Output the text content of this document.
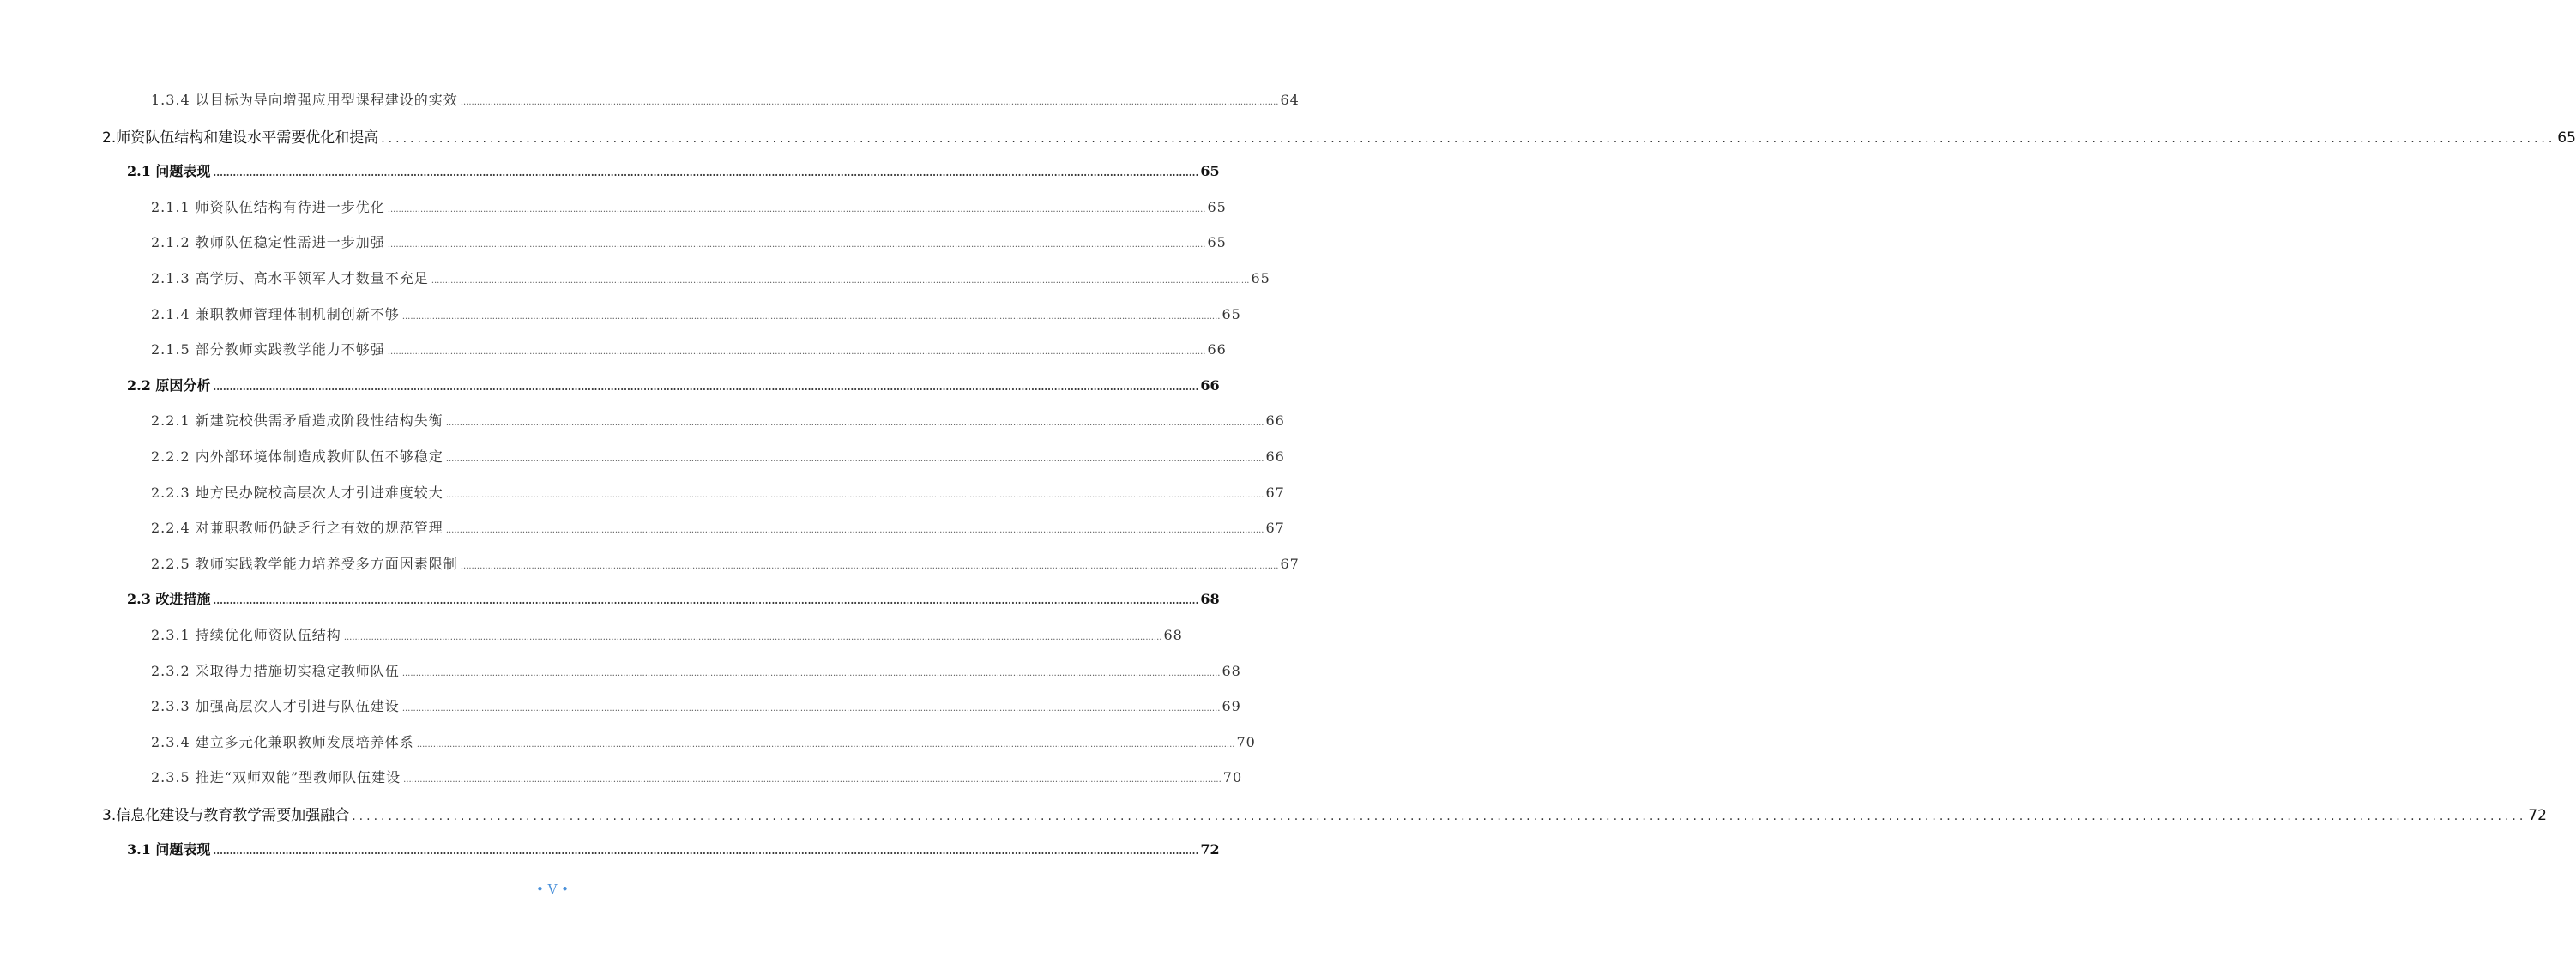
1.3.4 以目标为导向增强应用型课程建设的实效 ............................................................................................................................................................................................................................................................................................................ 64
2.师资队伍结构和建设水平需要优化和提高 ............................................................................................................................................................................................................................................................................................................ 65
2.1 问题表现 ............................................................................................................................................................................................................................................................................................................ 65
2.1.1 师资队伍结构有待进一步优化 ............................................................................................................................................................................................................................................................................................................ 65
2.1.2 教师队伍稳定性需进一步加强 ............................................................................................................................................................................................................................................................................................................ 65
2.1.3 高学历、高水平领军人才数量不充足 ............................................................................................................................................................................................................................................................................................................ 65
2.1.4 兼职教师管理体制机制创新不够 ............................................................................................................................................................................................................................................................................................................ 65
2.1.5 部分教师实践教学能力不够强 ............................................................................................................................................................................................................................................................................................................ 66
2.2 原因分析 ............................................................................................................................................................................................................................................................................................................ 66
2.2.1 新建院校供需矛盾造成阶段性结构失衡 ............................................................................................................................................................................................................................................................................................................ 66
2.2.2 内外部环境体制造成教师队伍不够稳定 ............................................................................................................................................................................................................................................................................................................ 66
2.2.3 地方民办院校高层次人才引进难度较大 ............................................................................................................................................................................................................................................................................................................ 67
2.2.4 对兼职教师仍缺乏行之有效的规范管理 ............................................................................................................................................................................................................................................................................................................ 67
2.2.5 教师实践教学能力培养受多方面因素限制 ............................................................................................................................................................................................................................................................................................................ 67
2.3 改进措施 ............................................................................................................................................................................................................................................................................................................ 68
2.3.1 持续优化师资队伍结构 ............................................................................................................................................................................................................................................................................................................ 68
2.3.2 采取得力措施切实稳定教师队伍 ............................................................................................................................................................................................................................................................................................................ 68
2.3.3 加强高层次人才引进与队伍建设 ............................................................................................................................................................................................................................................................................................................ 69
2.3.4 建立多元化兼职教师发展培养体系 ............................................................................................................................................................................................................................................................................................................ 70
2.3.5 推进“双师双能”型教师队伍建设 ............................................................................................................................................................................................................................................................................................................ 70
3.信息化建设与教育教学需要加强融合 ............................................................................................................................................................................................................................................................................................................ 72
3.1 问题表现 ............................................................................................................................................................................................................................................................................................................ 72
• V •
